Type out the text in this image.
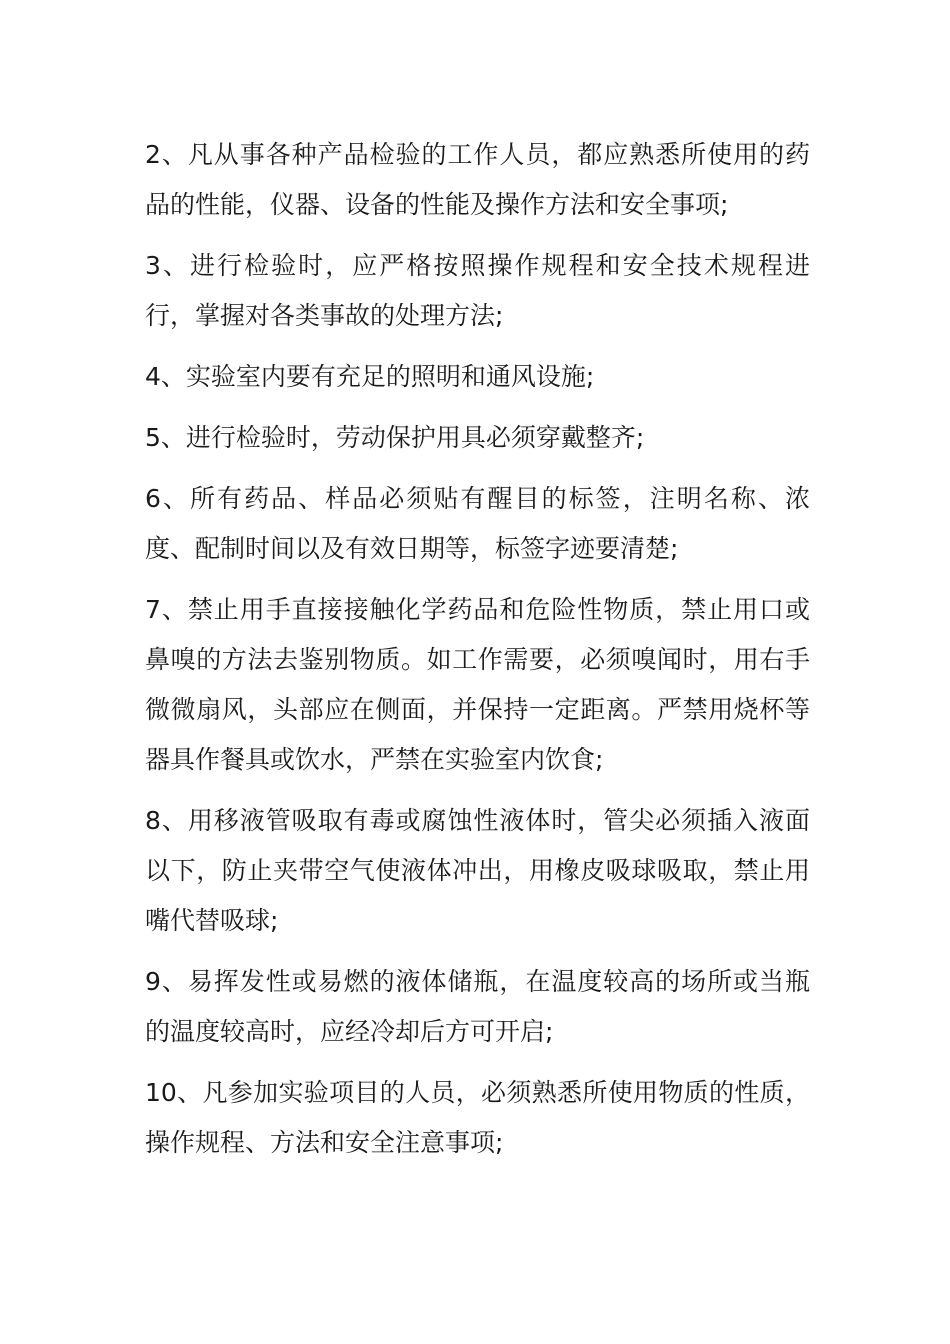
2、凡从事各种产品检验的工作人员，都应熟悉所使用的药品的性能，仪器、设备的性能及操作方法和安全事项;

3、进行检验时，应严格按照操作规程和安全技术规程进行，掌握对各类事故的处理方法;

4、实验室内要有充足的照明和通风设施;

5、进行检验时，劳动保护用具必须穿戴整齐;

6、所有药品、样品必须贴有醒目的标签，注明名称、浓度、配制时间以及有效日期等，标签字迹要清楚;

7、禁止用手直接接触化学药品和危险性物质，禁止用口或鼻嗅的方法去鉴别物质。如工作需要，必须嗅闻时，用右手微微扇风，头部应在侧面，并保持一定距离。严禁用烧杯等器具作餐具或饮水，严禁在实验室内饮食;

8、用移液管吸取有毒或腐蚀性液体时，管尖必须插入液面以下，防止夹带空气使液体冲出，用橡皮吸球吸取，禁止用嘴代替吸球;

9、易挥发性或易燃的液体储瓶，在温度较高的场所或当瓶的温度较高时，应经冷却后方可开启;

10、凡参加实验项目的人员，必须熟悉所使用物质的性质，操作规程、方法和安全注意事项;
